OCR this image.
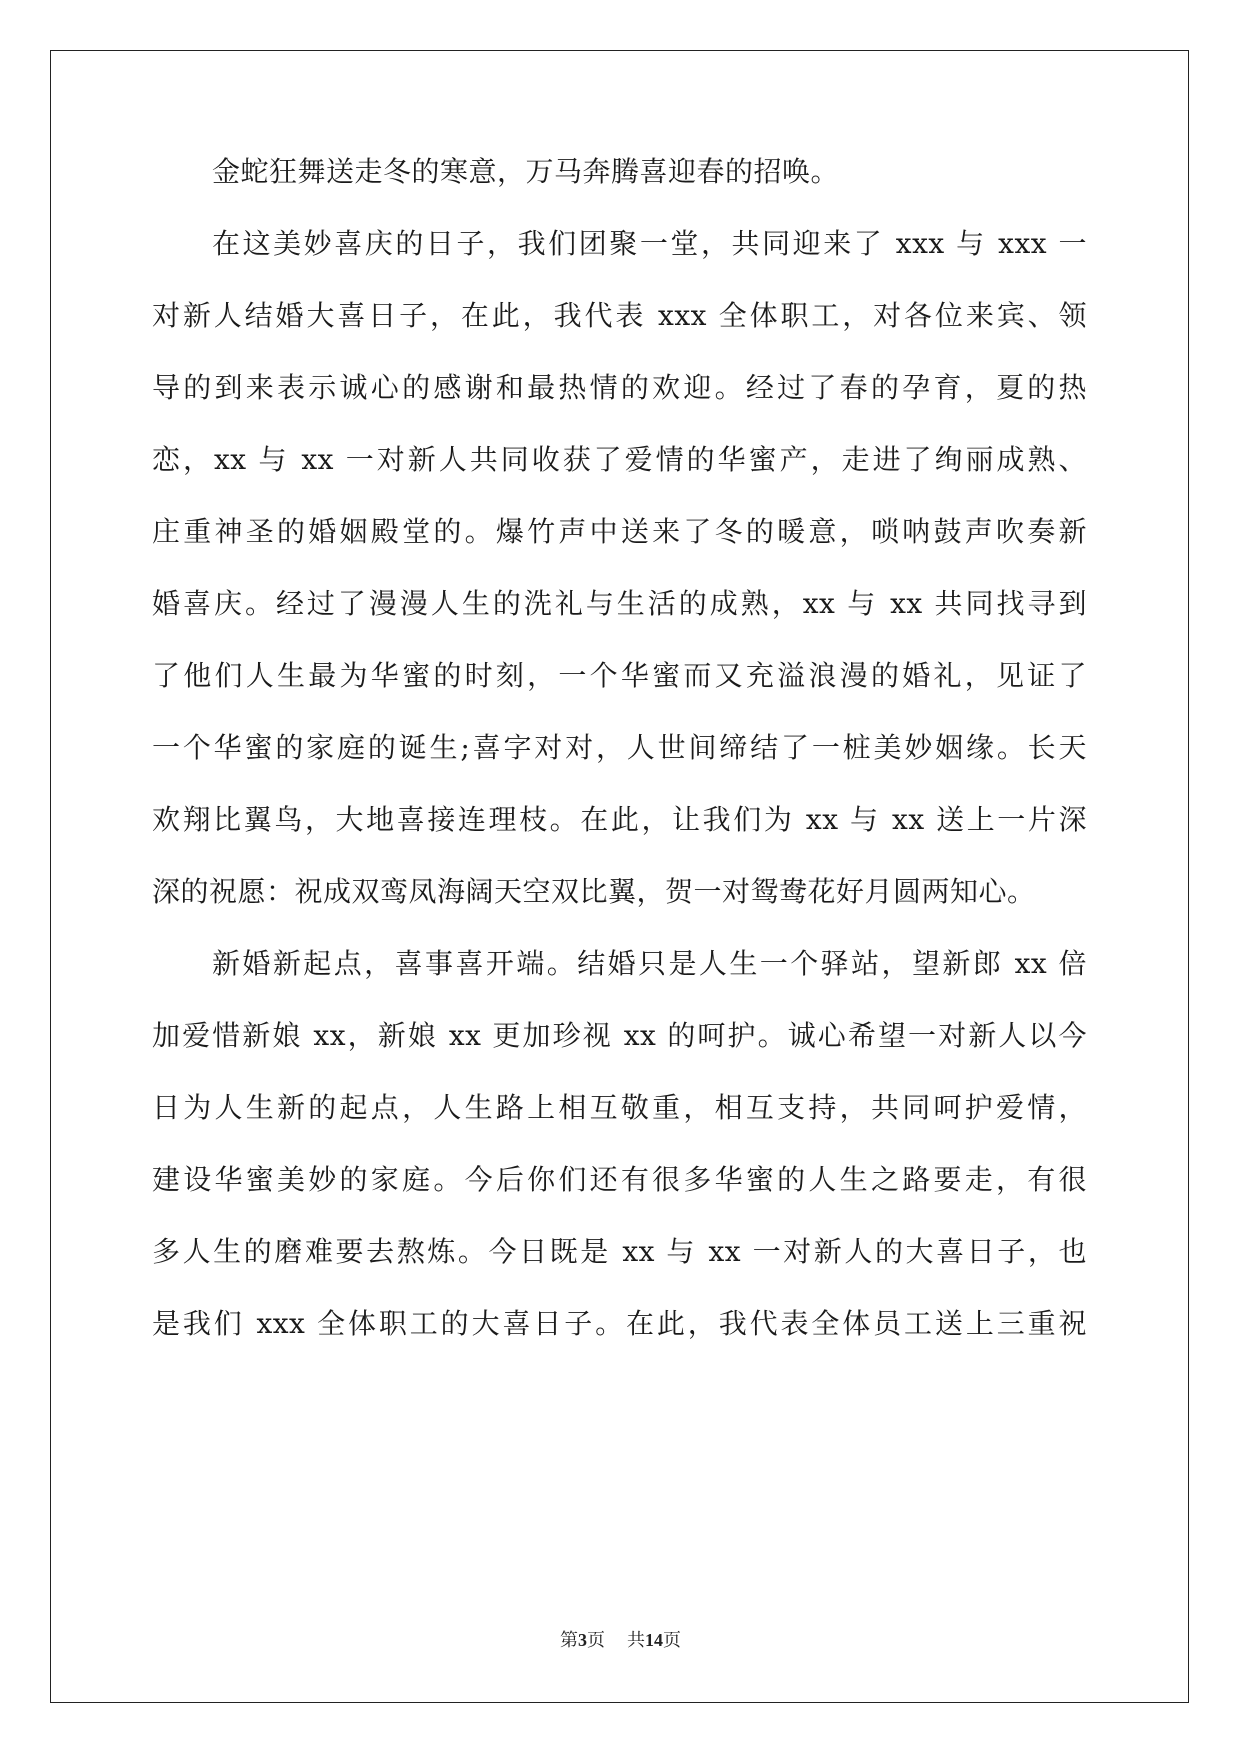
金蛇狂舞送走冬的寒意，万马奔腾喜迎春的招唤。
在这美妙喜庆的日子，我们团聚一堂，共同迎来了 xxx 与 xxx 一
对新人结婚大喜日子，在此，我代表 xxx 全体职工，对各位来宾、领
导的到来表示诚心的感谢和最热情的欢迎。经过了春的孕育，夏的热
恋，xx 与 xx 一对新人共同收获了爱情的华蜜产，走进了绚丽成熟、
庄重神圣的婚姻殿堂的。爆竹声中送来了冬的暖意，唢呐鼓声吹奏新
婚喜庆。经过了漫漫人生的洗礼与生活的成熟，xx 与 xx 共同找寻到
了他们人生最为华蜜的时刻，一个华蜜而又充溢浪漫的婚礼，见证了
一个华蜜的家庭的诞生;喜字对对，人世间缔结了一桩美妙姻缘。长天
欢翔比翼鸟，大地喜接连理枝。在此，让我们为 xx 与 xx 送上一片深
深的祝愿：祝成双鸾凤海阔天空双比翼，贺一对鸳鸯花好月圆两知心。
新婚新起点，喜事喜开端。结婚只是人生一个驿站，望新郎 xx 倍
加爱惜新娘 xx，新娘 xx 更加珍视 xx 的呵护。诚心希望一对新人以今
日为人生新的起点，人生路上相互敬重，相互支持，共同呵护爱情，
建设华蜜美妙的家庭。今后你们还有很多华蜜的人生之路要走，有很
多人生的磨难要去熬炼。今日既是 xx 与 xx 一对新人的大喜日子，也
是我们 xxx 全体职工的大喜日子。在此，我代表全体员工送上三重祝
第3页 共14页
